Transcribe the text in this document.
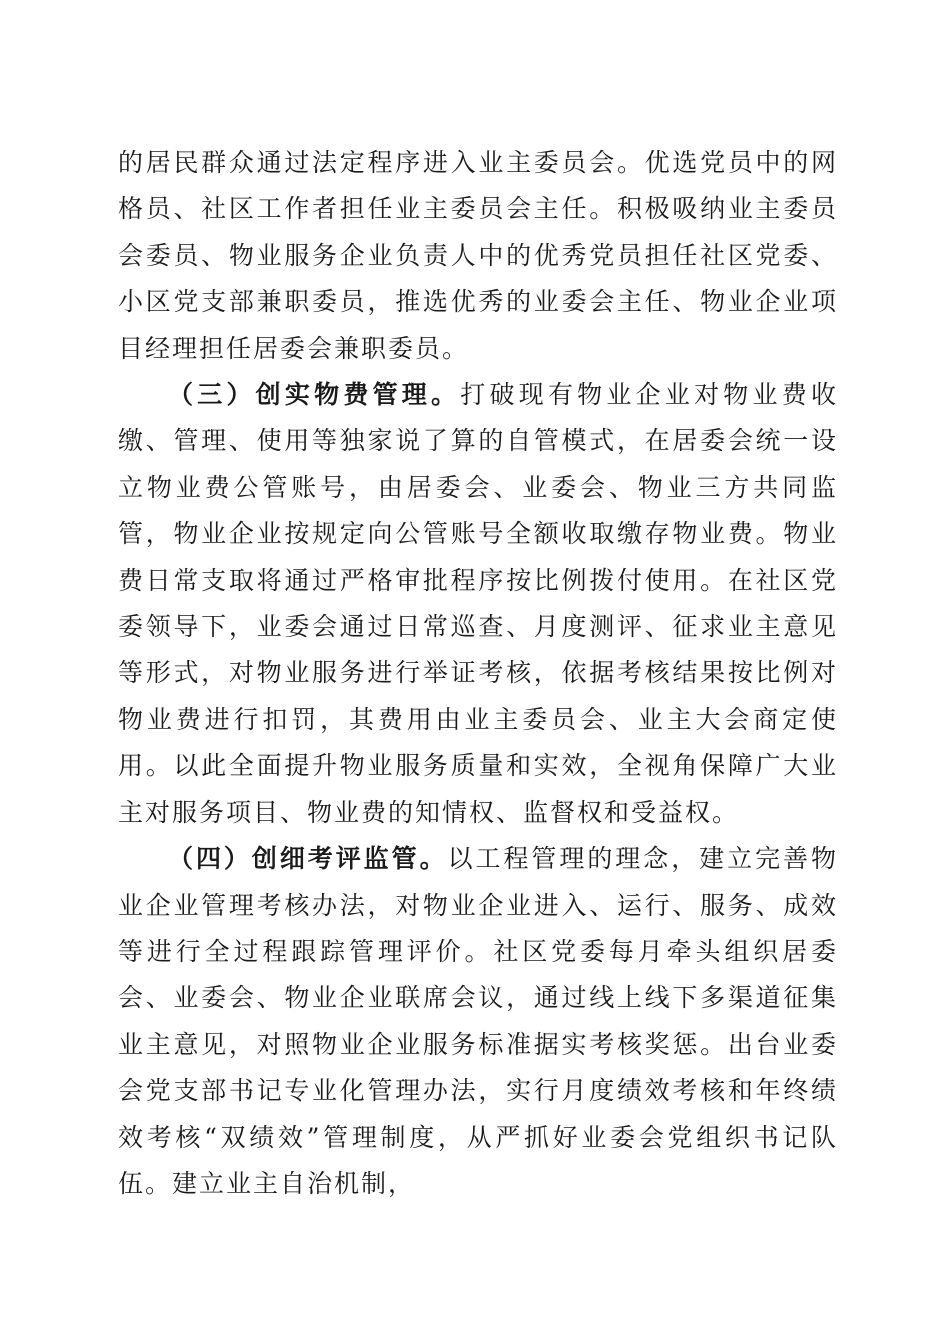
的居民群众通过法定程序进入业主委员会。优选党员中的网格员、社区工作者担任业主委员会主任。积极吸纳业主委员会委员、物业服务企业负责人中的优秀党员担任社区党委、小区党支部兼职委员，推选优秀的业委会主任、物业企业项目经理担任居委会兼职委员。

（三）创实物费管理。打破现有物业企业对物业费收缴、管理、使用等独家说了算的自管模式，在居委会统一设立物业费公管账号，由居委会、业委会、物业三方共同监管，物业企业按规定向公管账号全额收取缴存物业费。物业费日常支取将通过严格审批程序按比例拨付使用。在社区党委领导下，业委会通过日常巡查、月度测评、征求业主意见等形式，对物业服务进行举证考核，依据考核结果按比例对物业费进行扣罚，其费用由业主委员会、业主大会商定使用。以此全面提升物业服务质量和实效，全视角保障广大业主对服务项目、物业费的知情权、监督权和受益权。

（四）创细考评监管。以工程管理的理念，建立完善物业企业管理考核办法，对物业企业进入、运行、服务、成效等进行全过程跟踪管理评价。社区党委每月牵头组织居委会、业委会、物业企业联席会议，通过线上线下多渠道征集业主意见，对照物业企业服务标准据实考核奖惩。出台业委会党支部书记专业化管理办法，实行月度绩效考核和年终绩效考核“双绩效”管理制度，从严抓好业委会党组织书记队伍。建立业主自治机制，
